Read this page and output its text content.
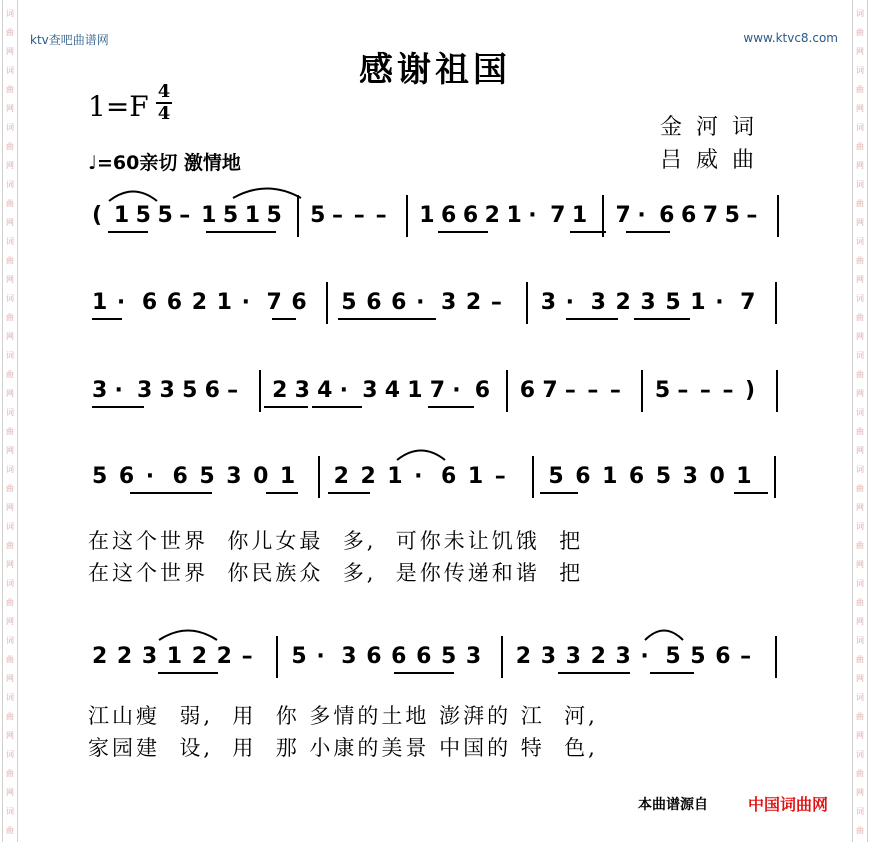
词
曲
网
词
曲
网
词
曲
网
词
曲
网
词
曲
网
词
曲
网
词
曲
网
词
曲
网
词
曲
网
词
曲
网
词
曲
网
词
曲
网
词
曲
网
词
曲
网
词
曲
词
曲
网
词
曲
网
词
曲
网
词
曲
网
词
曲
网
词
曲
网
词
曲
网
词
曲
网
词
曲
网
词
曲
网
词
曲
网
词
曲
网
词
曲
网
词
曲
网
词
曲
ktv查吧曲谱网	www.ktvc8.com
感谢祖国
1=F 4
4
♩=60亲切 激情地
金河词
吕威曲
( 1 5 5 – 1 5 1 5 5 – – – 1 6 6 2 1 · 7 1 7 · 6 6 7 5 –
1 · 6 6 2 1 · 7 6 5 6 6 · 3 2 – 3 · 3 2 3 5 1 · 7
3 · 3 3 5 6 – 2 3 4 · 3 4 1 7 · 6 6 7 – – – 5 – – – )
5 6 · 6 5 3 0 1 2 2 1 · 6 1 – 5 6 1 6 5 3 0 1
2 2 3 1 2 2 – 5 · 3 6 6 6 5 3 2 3 3 2 3 · 5 5 6 –
在这个世界  你儿女最  多,  可你未让饥饿  把
在这个世界  你民族众  多,  是你传递和谐  把
江山瘦  弱,  用  你 多情的土地 澎湃的 江  河,
家园建  设,  用  那 小康的美景 中国的 特  色,
本曲谱源自	中国词曲网
